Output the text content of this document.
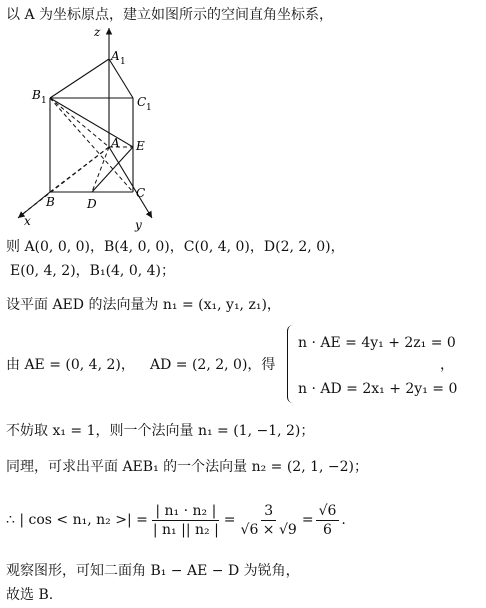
以 A 为坐标原点，建立如图所示的空间直角坐标系，
z
A 1
B 1	C 1
A E
B	D
C
x	y
则 A(0, 0, 0)，B(4, 0, 0)，C(0, 4, 0)，D(2, 2, 0)，
E(0, 4, 2)，B₁(4, 0, 4)；
设平面 AED 的法向量为 n₁ = (x₁, y₁, z₁)，
由 AE = (0, 4, 2)， AD = (2, 2, 0)，得
n · AE = 4y₁ + 2z₁ = 0
，
n · AD = 2x₁ + 2y₁ = 0
不妨取 x₁ = 1，则一个法向量 n₁ = (1, −1, 2)；
同理，可求出平面 AEB₁ 的一个法向量 n₂ = (2, 1, −2)；
∴ | cos < n₁, n₂ >| = $\frac{\text{| n₁ · n₂ |}}{\text{| n₁ || n₂ |}} = \frac{3}{√6 \times √9} = \frac{√6}{6}$ .
观察图形，可知二面角 B₁ − AE − D 为锐角，
故选 B.
